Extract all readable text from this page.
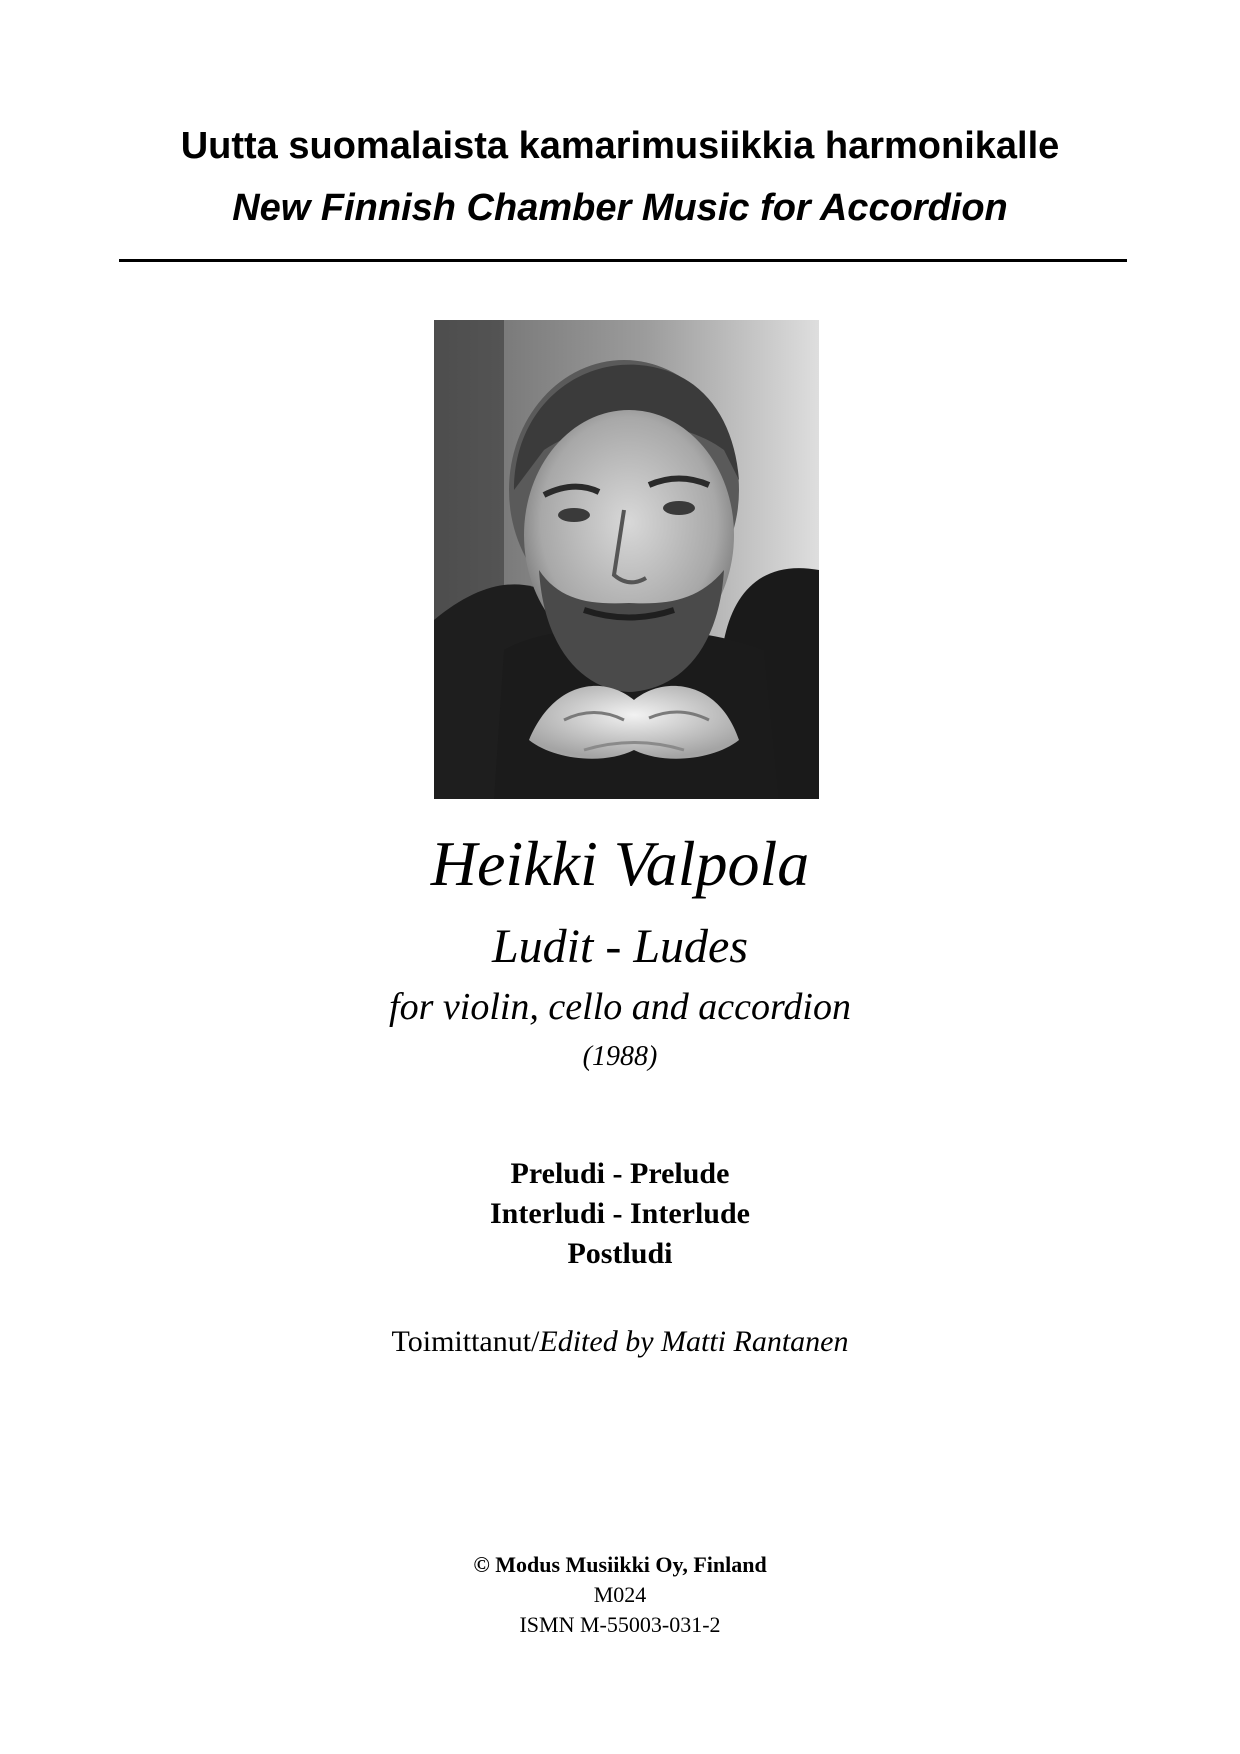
Uutta suomalaista kamarimusiikkia harmonikalle
New Finnish Chamber Music for Accordion
Heikki Valpola
Ludit - Ludes
for violin, cello and accordion
(1988)
Preludi - Prelude
Interludi - Interlude
Postludi
Toimittanut/Edited by Matti Rantanen
© Modus Musiikki Oy, Finland
M024
ISMN M-55003-031-2
